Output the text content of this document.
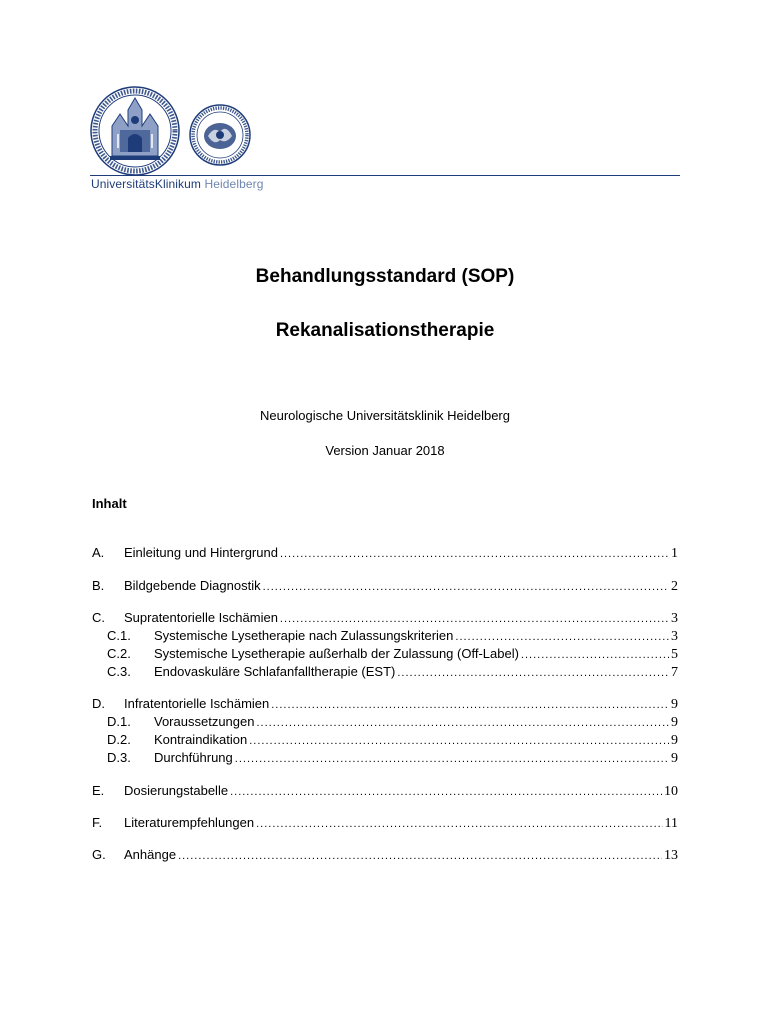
UniversitätsKlinikum Heidelberg
Behandlungsstandard (SOP)
Rekanalisationstherapie
Neurologische Universitätsklinik Heidelberg
Version Januar 2018
Inhalt
A.	Einleitung und Hintergrund .....	1
B.	Bildgebende Diagnostik .....	2
C.	Supratentorielle Ischämien .....	3
C.1.	Systemische Lysetherapie nach Zulassungskriterien .....	3
C.2.	Systemische Lysetherapie außerhalb der Zulassung (Off-Label) .....	5
C.3.	Endovaskuläre Schlafanfalltherapie (EST) .....	7
D.	Infratentorielle Ischämien .....	9
D.1.	Voraussetzungen .....	9
D.2.	Kontraindikation .....	9
D.3.	Durchführung .....	9
E.	Dosierungstabelle .....	10
F.	Literaturempfehlungen .....	11
G.	Anhänge .....	13
